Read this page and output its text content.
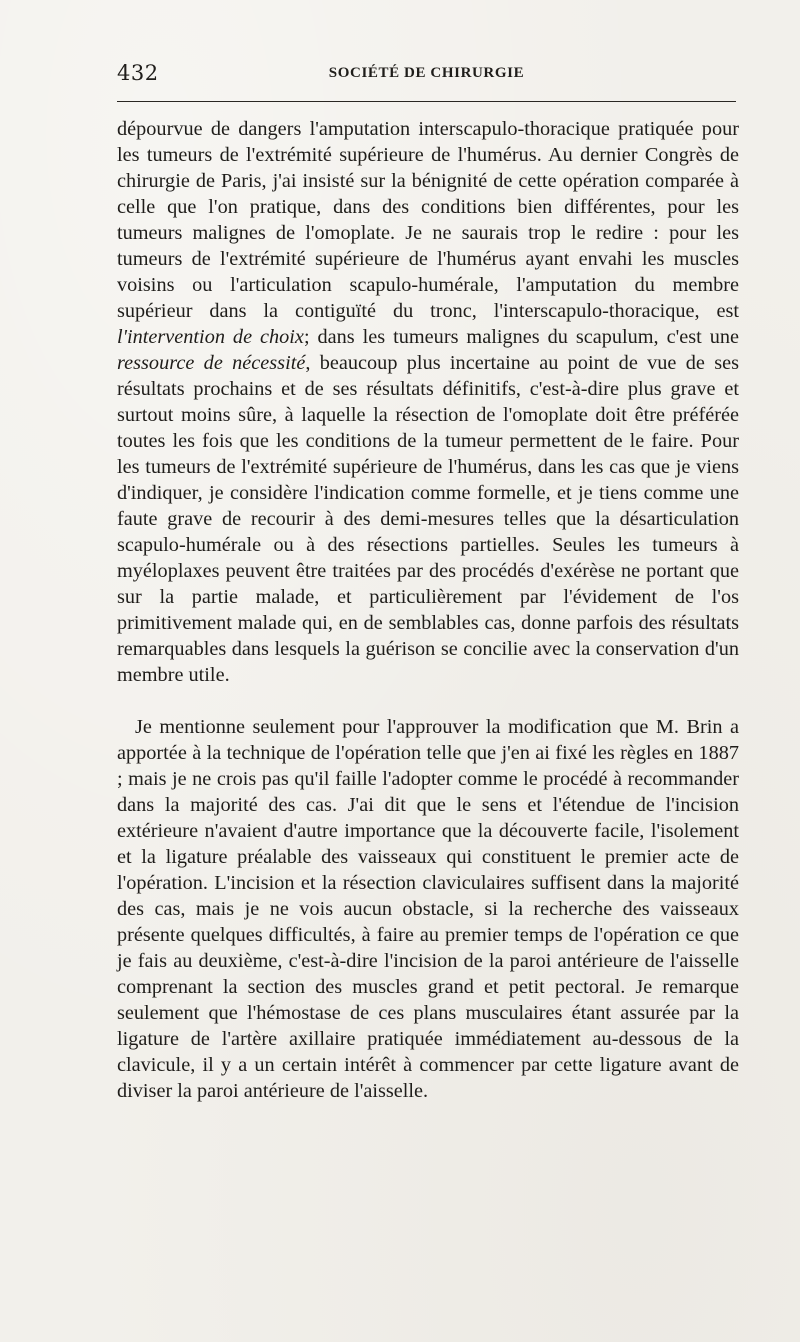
432	SOCIÉTÉ DE CHIRURGIE

dépourvue de dangers l'amputation interscapulo-thoracique pratiquée pour les tumeurs de l'extrémité supérieure de l'humérus. Au dernier Congrès de chirurgie de Paris, j'ai insisté sur la bénignité de cette opération comparée à celle que l'on pratique, dans des conditions bien différentes, pour les tumeurs malignes de l'omoplate. Je ne saurais trop le redire : pour les tumeurs de l'extrémité supérieure de l'humérus ayant envahi les muscles voisins ou l'articulation scapulo-humérale, l'amputation du membre supérieur dans la contiguïté du tronc, l'interscapulo-thoracique, est l'intervention de choix; dans les tumeurs malignes du scapulum, c'est une ressource de nécessité, beaucoup plus incertaine au point de vue de ses résultats prochains et de ses résultats définitifs, c'est-à-dire plus grave et surtout moins sûre, à laquelle la résection de l'omoplate doit être préférée toutes les fois que les conditions de la tumeur permettent de le faire. Pour les tumeurs de l'extrémité supérieure de l'humérus, dans les cas que je viens d'indiquer, je considère l'indication comme formelle, et je tiens comme une faute grave de recourir à des demi-mesures telles que la désarticulation scapulo-humérale ou à des résections partielles. Seules les tumeurs à myéloplaxes peuvent être traitées par des procédés d'exérèse ne portant que sur la partie malade, et particulièrement par l'évidement de l'os primitivement malade qui, en de semblables cas, donne parfois des résultats remarquables dans lesquels la guérison se concilie avec la conservation d'un membre utile.

Je mentionne seulement pour l'approuver la modification que M. Brin a apportée à la technique de l'opération telle que j'en ai fixé les règles en 1887 ; mais je ne crois pas qu'il faille l'adopter comme le procédé à recommander dans la majorité des cas. J'ai dit que le sens et l'étendue de l'incision extérieure n'avaient d'autre importance que la découverte facile, l'isolement et la ligature préalable des vaisseaux qui constituent le premier acte de l'opération. L'incision et la résection claviculaires suffisent dans la majorité des cas, mais je ne vois aucun obstacle, si la recherche des vaisseaux présente quelques difficultés, à faire au premier temps de l'opération ce que je fais au deuxième, c'est-à-dire l'incision de la paroi antérieure de l'aisselle comprenant la section des muscles grand et petit pectoral. Je remarque seulement que l'hémostase de ces plans musculaires étant assurée par la ligature de l'artère axillaire pratiquée immédiatement au-dessous de la clavicule, il y a un certain intérêt à commencer par cette ligature avant de diviser la paroi antérieure de l'aisselle.
